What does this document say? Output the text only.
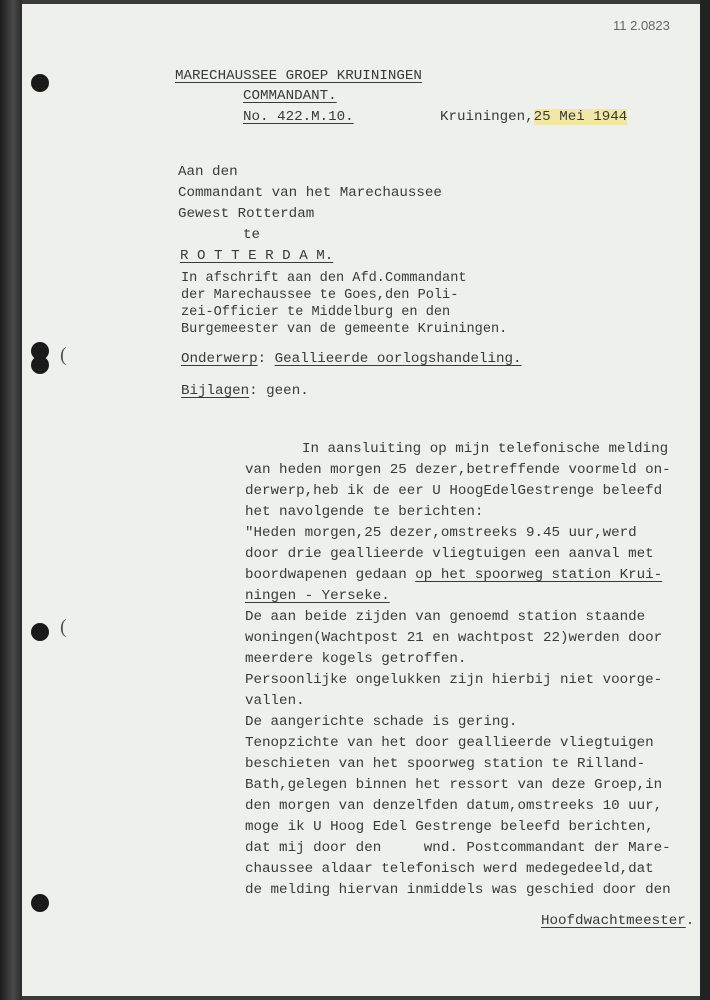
(
(
11 2.0823
MARECHAUSSEE GROEP KRUININGEN
COMMANDANT.
No. 422.M.10.	Kruiningen,25 Mei 1944
Aan den
Commandant van het Marechaussee
Gewest Rotterdam
te
R O T T E R D A M.
In afschrift aan den Afd.Commandant
der Marechaussee te Goes,den Poli-
zei-Officier te Middelburg en den
Burgemeester van de gemeente Kruiningen.
Onderwerp: Geallieerde oorlogshandeling.
Bijlagen: geen.
In aansluiting op mijn telefonische melding
van heden morgen 25 dezer,betreffende voormeld on-
derwerp,heb ik de eer U HoogEdelGestrenge beleefd
het navolgende te berichten:
"Heden morgen,25 dezer,omstreeks 9.45 uur,werd
door drie geallieerde vliegtuigen een aanval met
boordwapenen gedaan op het spoorweg station Krui-
ningen - Yerseke.
De aan beide zijden van genoemd station staande
woningen(Wachtpost 21 en wachtpost 22)werden door
meerdere kogels getroffen.
Persoonlijke ongelukken zijn hierbij niet voorge-
vallen.
De aangerichte schade is gering.
Tenopzichte van het door geallieerde vliegtuigen
beschieten van het spoorweg station te Rilland-
Bath,gelegen binnen het ressort van deze Groep,in
den morgen van denzelfden datum,omstreeks 10 uur,
moge ik U Hoog Edel Gestrenge beleefd berichten,
dat mij door den     wnd. Postcommandant der Mare-
chaussee aldaar telefonisch werd medegedeeld,dat
de melding hiervan inmiddels was geschied door den
Hoofdwachtmeester.
